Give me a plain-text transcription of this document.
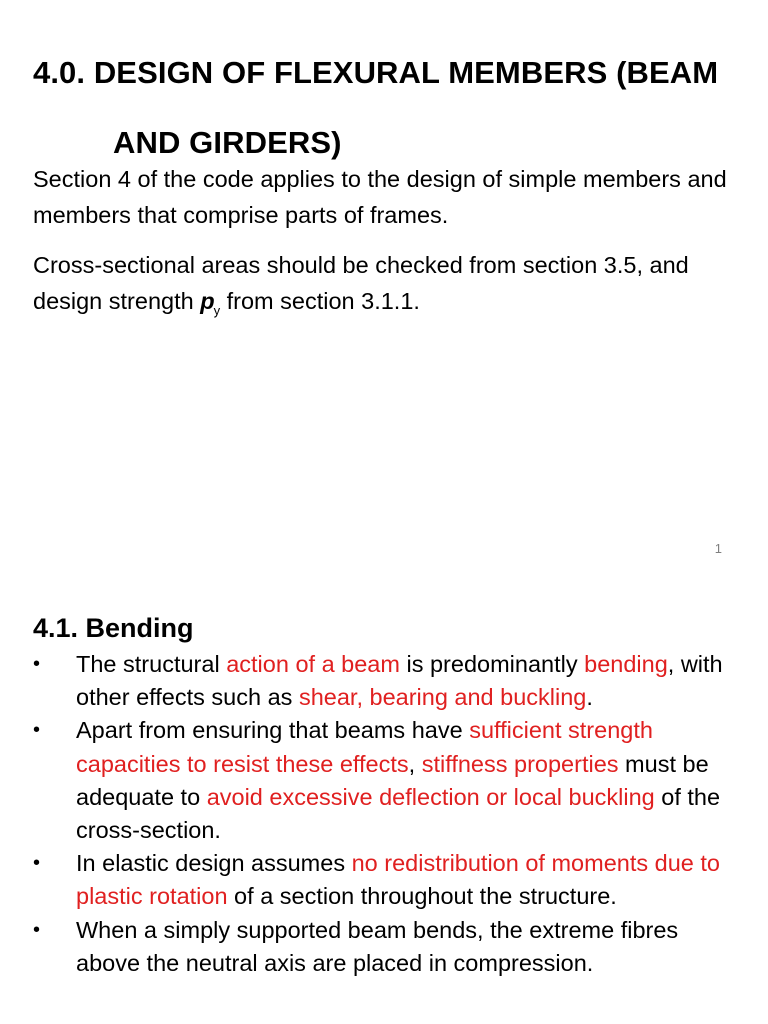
4.0. DESIGN OF FLEXURAL MEMBERS (BEAM
AND GIRDERS)

Section 4 of the code applies to the design of simple members and members that comprise parts of frames.

Cross-sectional areas should be checked from section 3.5, and design strength $p_y$ from section 3.1.1.

1
4.1. Bending
• The structural action of a beam is predominantly bending, with other effects such as shear, bearing and buckling.
• Apart from ensuring that beams have sufficient strength capacities to resist these effects, stiffness properties must be adequate to avoid excessive deflection or local buckling of the cross-section.
• In elastic design assumes no redistribution of moments due to plastic rotation of a section throughout the structure.
• When a simply supported beam bends, the extreme fibres above the neutral axis are placed in compression.
